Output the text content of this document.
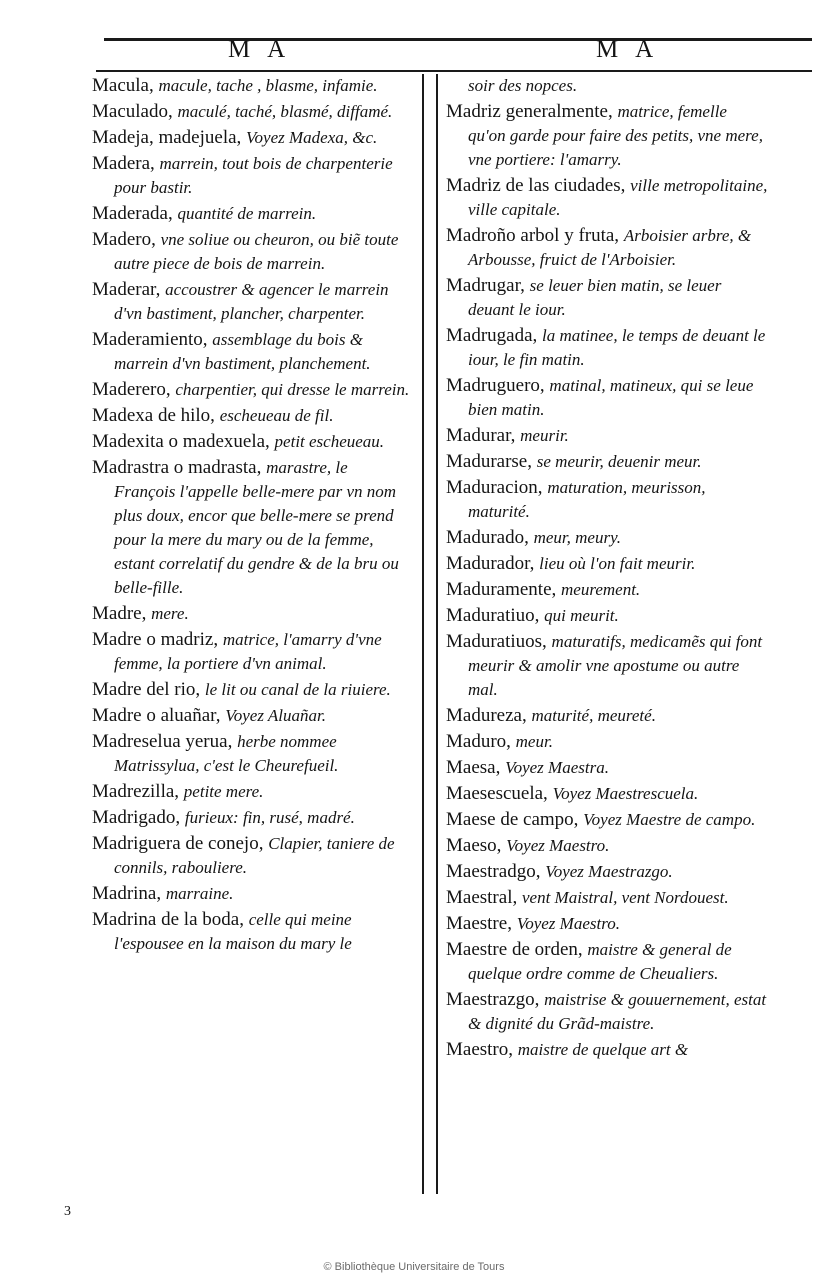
M A	M A

Macula, macule, tache , blasme, infamie.

Maculado, maculé, taché, blasmé, diffamé.

Madeja, madejuela, Voyez Madexa, &c.

Madera, marrein, tout bois de charpenterie pour bastir.

Maderada, quantité de marrein.

Madero, vne soliue ou cheuron, ou biẽ toute autre piece de bois de marrein.

Maderar, accoustrer & agencer le marrein d'vn bastiment, plancher, charpenter.

Maderamiento, assemblage du bois & marrein d'vn bastiment, planchement.

Maderero, charpentier, qui dresse le marrein.

Madexa de hilo, escheueau de fil.

Madexita o madexuela, petit escheueau.

Madrastra o madrasta, marastre, le François l'appelle belle-mere par vn nom plus doux, encor que belle-mere se prend pour la mere du mary ou de la femme, estant correlatif du gendre & de la bru ou belle-fille.

Madre, mere.

Madre o madriz, matrice, l'amarry d'vne femme, la portiere d'vn animal.

Madre del rio, le lit ou canal de la riuiere.

Madre o aluañar, Voyez Aluañar.

Madreselua yerua, herbe nommee Matrissylua, c'est le Cheurefueil.

Madrezilla, petite mere.

Madrigado, furieux: fin, rusé, madré.

Madriguera de conejo, Clapier, taniere de connils, rabouliere.

Madrina, marraine.

Madrina de la boda, celle qui meine l'espousee en la maison du mary le

soir des nopces.

Madriz generalmente, matrice, femelle qu'on garde pour faire des petits, vne mere, vne portiere: l'amarry.

Madriz de las ciudades, ville metropolitaine, ville capitale.

Madroño arbol y fruta, Arboisier arbre, & Arbousse, fruict de l'Arboisier.

Madrugar, se leuer bien matin, se leuer deuant le iour.

Madrugada, la matinee, le temps de deuant le iour, le fin matin.

Madruguero, matinal, matineux, qui se leue bien matin.

Madurar, meurir.

Madurarse, se meurir, deuenir meur.

Maduracion, maturation, meurisson, maturité.

Madurado, meur, meury.

Madurador, lieu où l'on fait meurir.

Maduramente, meurement.

Maduratiuo, qui meurit.

Maduratiuos, maturatifs, medicamẽs qui font meurir & amolir vne apostume ou autre mal.

Madureza, maturité, meureté.

Maduro, meur.

Maesa, Voyez Maestra.

Maesescuela, Voyez Maestrescuela.

Maese de campo, Voyez Maestre de campo.

Maeso, Voyez Maestro.

Maestradgo, Voyez Maestrazgo.

Maestral, vent Maistral, vent Nordouest.

Maestre, Voyez Maestro.

Maestre de orden, maistre & general de quelque ordre comme de Cheualiers.

Maestrazgo, maistrise & gouuernement, estat & dignité du Grãd-maistre.

Maestro, maistre de quelque art &

3
© Bibliothèque Universitaire de Tours
